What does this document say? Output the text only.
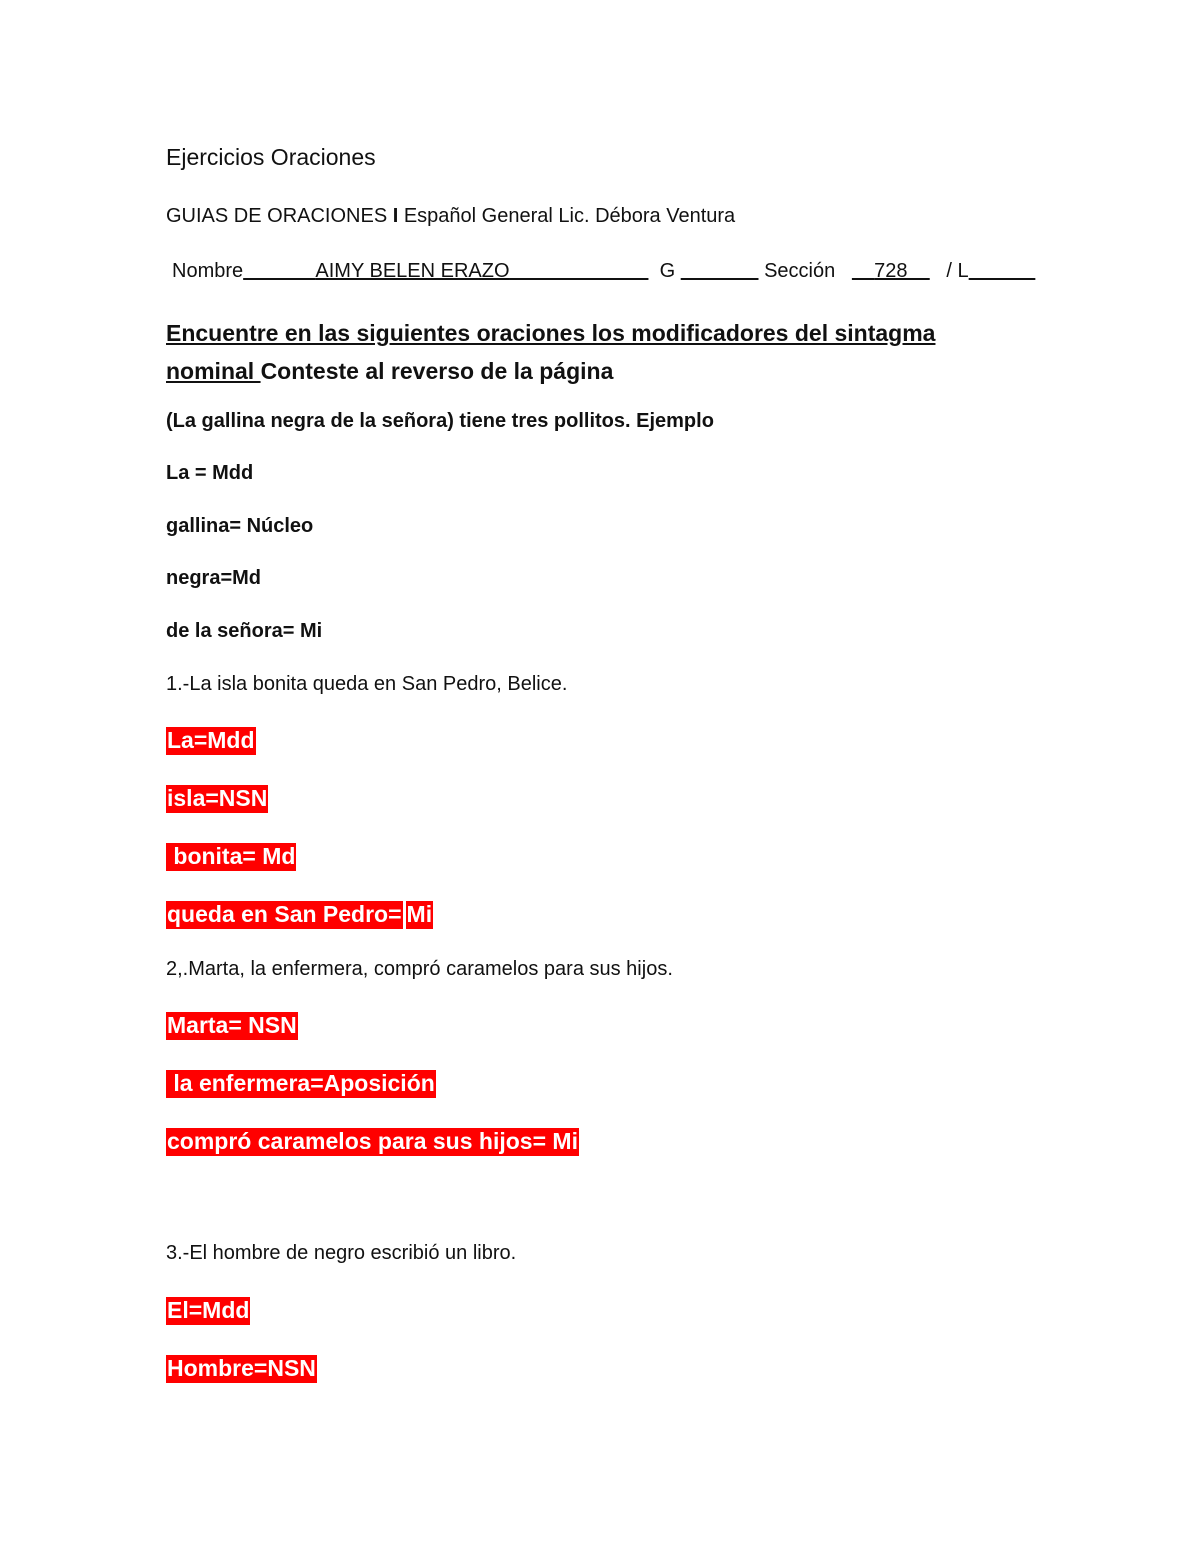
Ejercicios Oraciones
GUIAS DE ORACIONES I Español General Lic. Débora Ventura
Nombre	AIMY BELEN ERAZO	G	Sección 728 / L
Encuentre en las siguientes oraciones los modificadores del sintagma nominal Conteste al reverso de la página
(La gallina negra de la señora) tiene tres pollitos. Ejemplo
La = Mdd
gallina= Núcleo
negra=Md
de la señora= Mi
1.-La isla bonita queda en San Pedro, Belice.
La=Mdd
isla=NSN
bonita= Md
queda en San Pedro= Mi
2,.Marta, la enfermera, compró caramelos para sus hijos.
Marta= NSN
la enfermera=Aposición
compró caramelos para sus hijos= Mi
3.-El hombre de negro escribió un libro.
El=Mdd
Hombre=NSN
